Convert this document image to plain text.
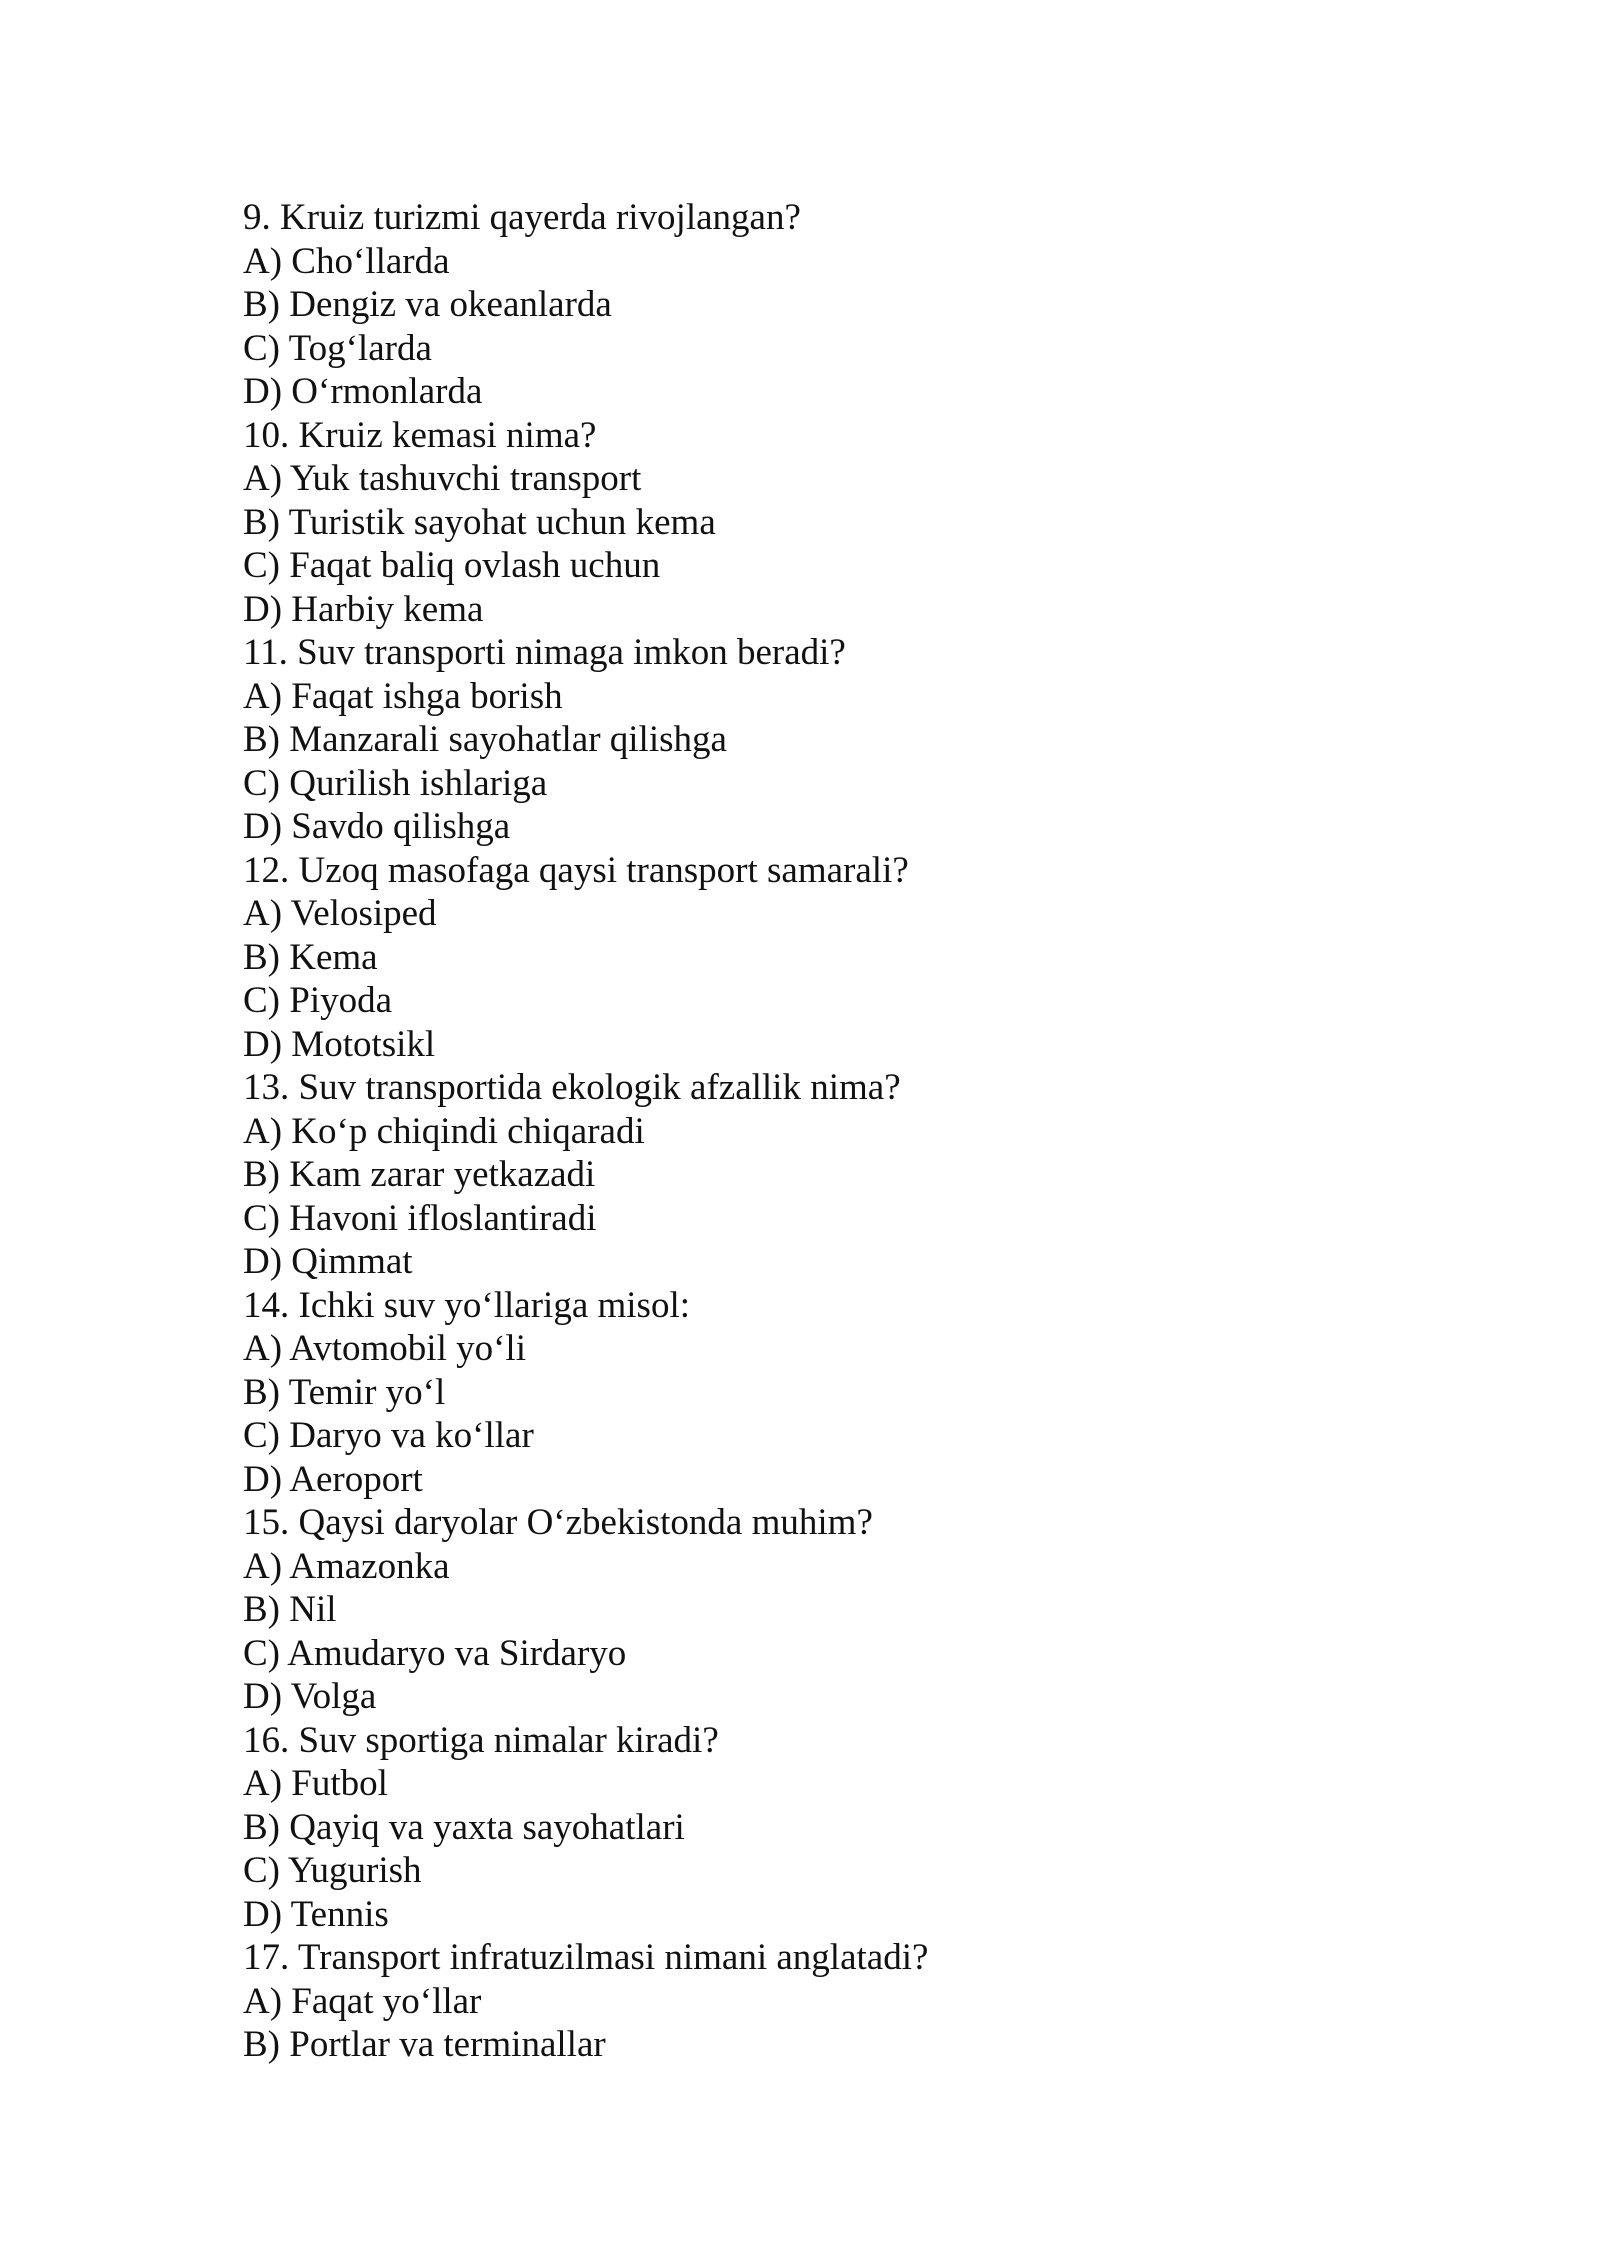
9. Kruiz turizmi qayerda rivojlangan?
A) Cho‘llarda
B) Dengiz va okeanlarda
C) Tog‘larda
D) O‘rmonlarda
10. Kruiz kemasi nima?
A) Yuk tashuvchi transport
B) Turistik sayohat uchun kema
C) Faqat baliq ovlash uchun
D) Harbiy kema
11. Suv transporti nimaga imkon beradi?
A) Faqat ishga borish
B) Manzarali sayohatlar qilishga
C) Qurilish ishlariga
D) Savdo qilishga
12. Uzoq masofaga qaysi transport samarali?
A) Velosiped
B) Kema
C) Piyoda
D) Mototsikl
13. Suv transportida ekologik afzallik nima?
A) Ko‘p chiqindi chiqaradi
B) Kam zarar yetkazadi
C) Havoni ifloslantiradi
D) Qimmat
14. Ichki suv yo‘llariga misol:
A) Avtomobil yo‘li
B) Temir yo‘l
C) Daryo va ko‘llar
D) Aeroport
15. Qaysi daryolar O‘zbekistonda muhim?
A) Amazonka
B) Nil
C) Amudaryo va Sirdaryo
D) Volga
16. Suv sportiga nimalar kiradi?
A) Futbol
B) Qayiq va yaxta sayohatlari
C) Yugurish
D) Tennis
17. Transport infratuzilmasi nimani anglatadi?
A) Faqat yo‘llar
B) Portlar va terminallar
